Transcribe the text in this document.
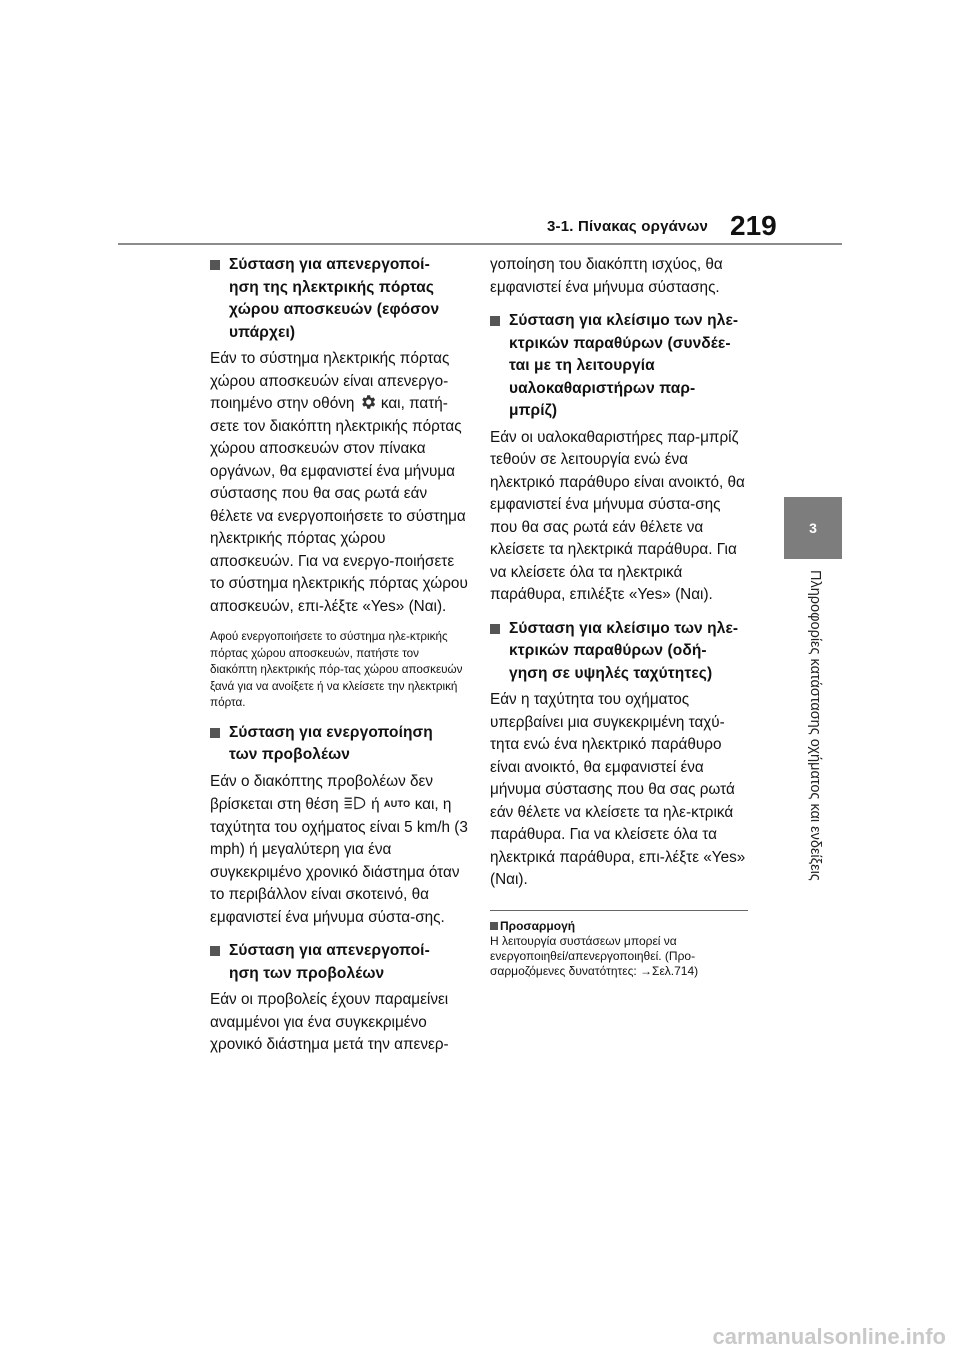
3-1. Πίνακας οργάνων 219
3
Πληροφορίες κατάστασης οχήματος και ενδείξεις
Σύσταση για απενεργοποί-
ηση της ηλεκτρικής πόρτας
χώρου αποσκευών (εφόσον
υπάρχει)

Εάν το σύστημα ηλεκτρικής πόρτας χώρου αποσκευών είναι απενεργο-ποιημένο στην οθόνη και, πατή-σετε τον διακόπτη ηλεκτρικής πόρτας χώρου αποσκευών στον πίνακα οργάνων, θα εμφανιστεί ένα μήνυμα σύστασης που θα σας ρωτά εάν θέλετε να ενεργοποιήσετε το σύστημα ηλεκτρικής πόρτας χώρου αποσκευών. Για να ενεργο-ποιήσετε το σύστημα ηλεκτρικής πόρτας χώρου αποσκευών, επι-λέξτε «Yes» (Ναι).

Αφού ενεργοποιήσετε το σύστημα ηλε-κτρικής πόρτας χώρου αποσκευών, πατήστε τον διακόπτη ηλεκτρικής πόρ-τας χώρου αποσκευών ξανά για να ανοίξετε ή να κλείσετε την ηλεκτρική πόρτα.

Σύσταση για ενεργοποίηση
των προβολέων

Εάν ο διακόπτης προβολέων δεν βρίσκεται στη θέση ή AUTO και, η ταχύτητα του οχήματος είναι 5 km/h (3 mph) ή μεγαλύτερη για ένα συγκεκριμένο χρονικό διάστημα όταν το περιβάλλον είναι σκοτεινό, θα εμφανιστεί ένα μήνυμα σύστα-σης.

Σύσταση για απενεργοποί-
ηση των προβολέων

Εάν οι προβολείς έχουν παραμείνει αναμμένοι για ένα συγκεκριμένο χρονικό διάστημα μετά την απενερ-

γοποίηση του διακόπτη ισχύος, θα εμφανιστεί ένα μήνυμα σύστασης.

Σύσταση για κλείσιμο των ηλε-
κτρικών παραθύρων (συνδέε-
ται με τη λειτουργία
υαλοκαθαριστήρων παρ-
μπρίζ)

Εάν οι υαλοκαθαριστήρες παρ-μπρίζ τεθούν σε λειτουργία ενώ ένα ηλεκτρικό παράθυρο είναι ανοικτό, θα εμφανιστεί ένα μήνυμα σύστα-σης που θα σας ρωτά εάν θέλετε να κλείσετε τα ηλεκτρικά παράθυρα. Για να κλείσετε όλα τα ηλεκτρικά παράθυρα, επιλέξτε «Yes» (Ναι).

Σύσταση για κλείσιμο των ηλε-
κτρικών παραθύρων (οδή-
γηση σε υψηλές ταχύτητες)

Εάν η ταχύτητα του οχήματος υπερβαίνει μια συγκεκριμένη ταχύ-τητα ενώ ένα ηλεκτρικό παράθυρο είναι ανοικτό, θα εμφανιστεί ένα μήνυμα σύστασης που θα σας ρωτά εάν θέλετε να κλείσετε τα ηλε-κτρικά παράθυρα. Για να κλείσετε όλα τα ηλεκτρικά παράθυρα, επι-λέξτε «Yes» (Ναι).

Προσαρμογή
Η λειτουργία συστάσεων μπορεί να ενεργοποιηθεί/απενεργοποιηθεί. (Προ-σαρμοζόμενες δυνατότητες: →Σελ.714)
carmanualsonline.info
